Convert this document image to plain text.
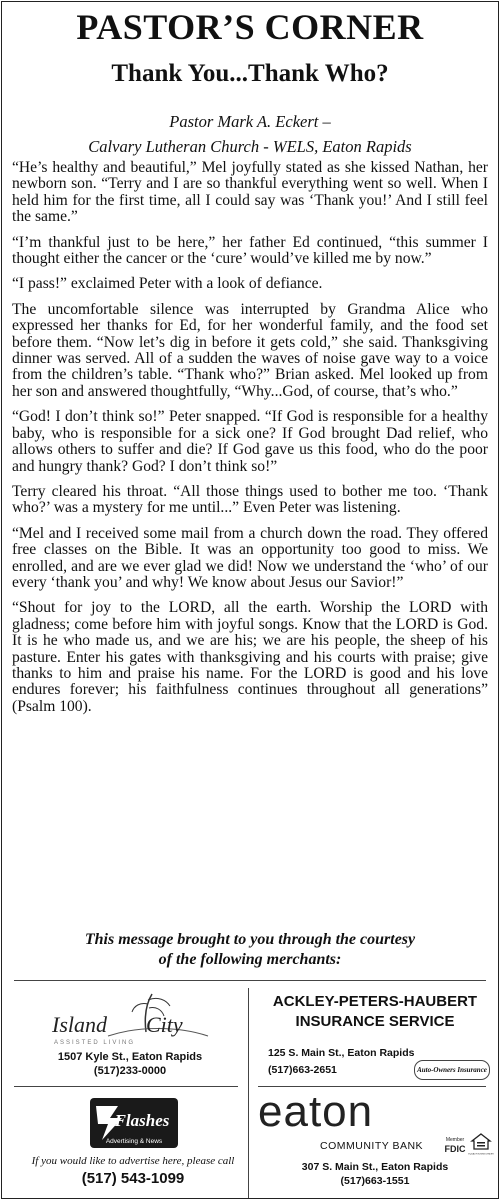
PASTOR’S CORNER
Thank You...Thank Who?
Pastor Mark A. Eckert –
Calvary Lutheran Church - WELS, Eaton Rapids

“He’s healthy and beautiful,” Mel joyfully stated as she kissed Nathan, her newborn son. “Terry and I are so thankful everything went so well. When I held him for the first time, all I could say was ‘Thank you!’ And I still feel the same.”

“I’m thankful just to be here,” her father Ed continued, “this summer I thought either the cancer or the ‘cure’ would’ve killed me by now.”

“I pass!” exclaimed Peter with a look of defiance.

The uncomfortable silence was interrupted by Grandma Alice who expressed her thanks for Ed, for her wonderful family, and the food set before them. “Now let’s dig in before it gets cold,” she said. Thanksgiving dinner was served. All of a sudden the waves of noise gave way to a voice from the children’s table. “Thank who?” Brian asked. Mel looked up from her son and answered thoughtfully, “Why...God, of course, that’s who.”

“God! I don’t think so!” Peter snapped. “If God is responsible for a healthy baby, who is responsible for a sick one? If God brought Dad relief, who allows others to suffer and die? If God gave us this food, who do the poor and hungry thank? God? I don’t think so!”

Terry cleared his throat. “All those things used to bother me too. ‘Thank who?’ was a mystery for me until...” Even Peter was listening.

“Mel and I received some mail from a church down the road. They offered free classes on the Bible. It was an opportunity too good to miss. We enrolled, and are we ever glad we did! Now we understand the ‘who’ of our every ‘thank you’ and why! We know about Jesus our Savior!”

“Shout for joy to the LORD, all the earth. Worship the LORD with gladness; come before him with joyful songs. Know that the LORD is God. It is he who made us, and we are his; we are his people, the sheep of his pasture. Enter his gates with thanksgiving and his courts with praise; give thanks to him and praise his name. For the LORD is good and his love endures forever; his faithfulness continues throughout all generations” (Psalm 100).

This message brought to you through the courtesy
of the following merchants:
Island City
ASSISTED LIVING
1507 Kyle St., Eaton Rapids
(517)233-0000
ACKLEY-PETERS-HAUBERT
INSURANCE SERVICE
125 S. Main St., Eaton Rapids
(517)663-2651	Auto-Owners Insurance
Flashes
Advertising & News
If you would like to advertise here, please call
(517) 543-1099
eaton
COMMUNITY BANK	Member
FDIC
EQUAL HOUSING LENDER
307 S. Main St., Eaton Rapids
(517)663-1551
